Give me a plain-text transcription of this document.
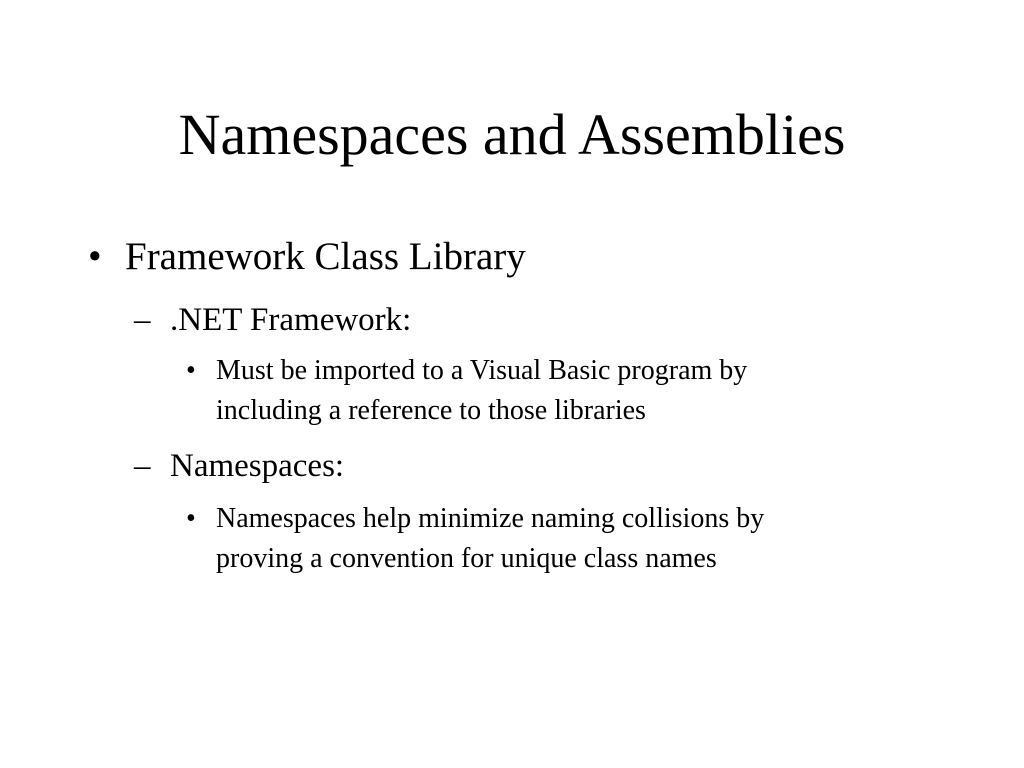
Namespaces and Assemblies
• Framework Class Library
– .NET Framework:
• Must be imported to a Visual Basic program by
including a reference to those libraries
– Namespaces:
• Namespaces help minimize naming collisions by
proving a convention for unique class names
